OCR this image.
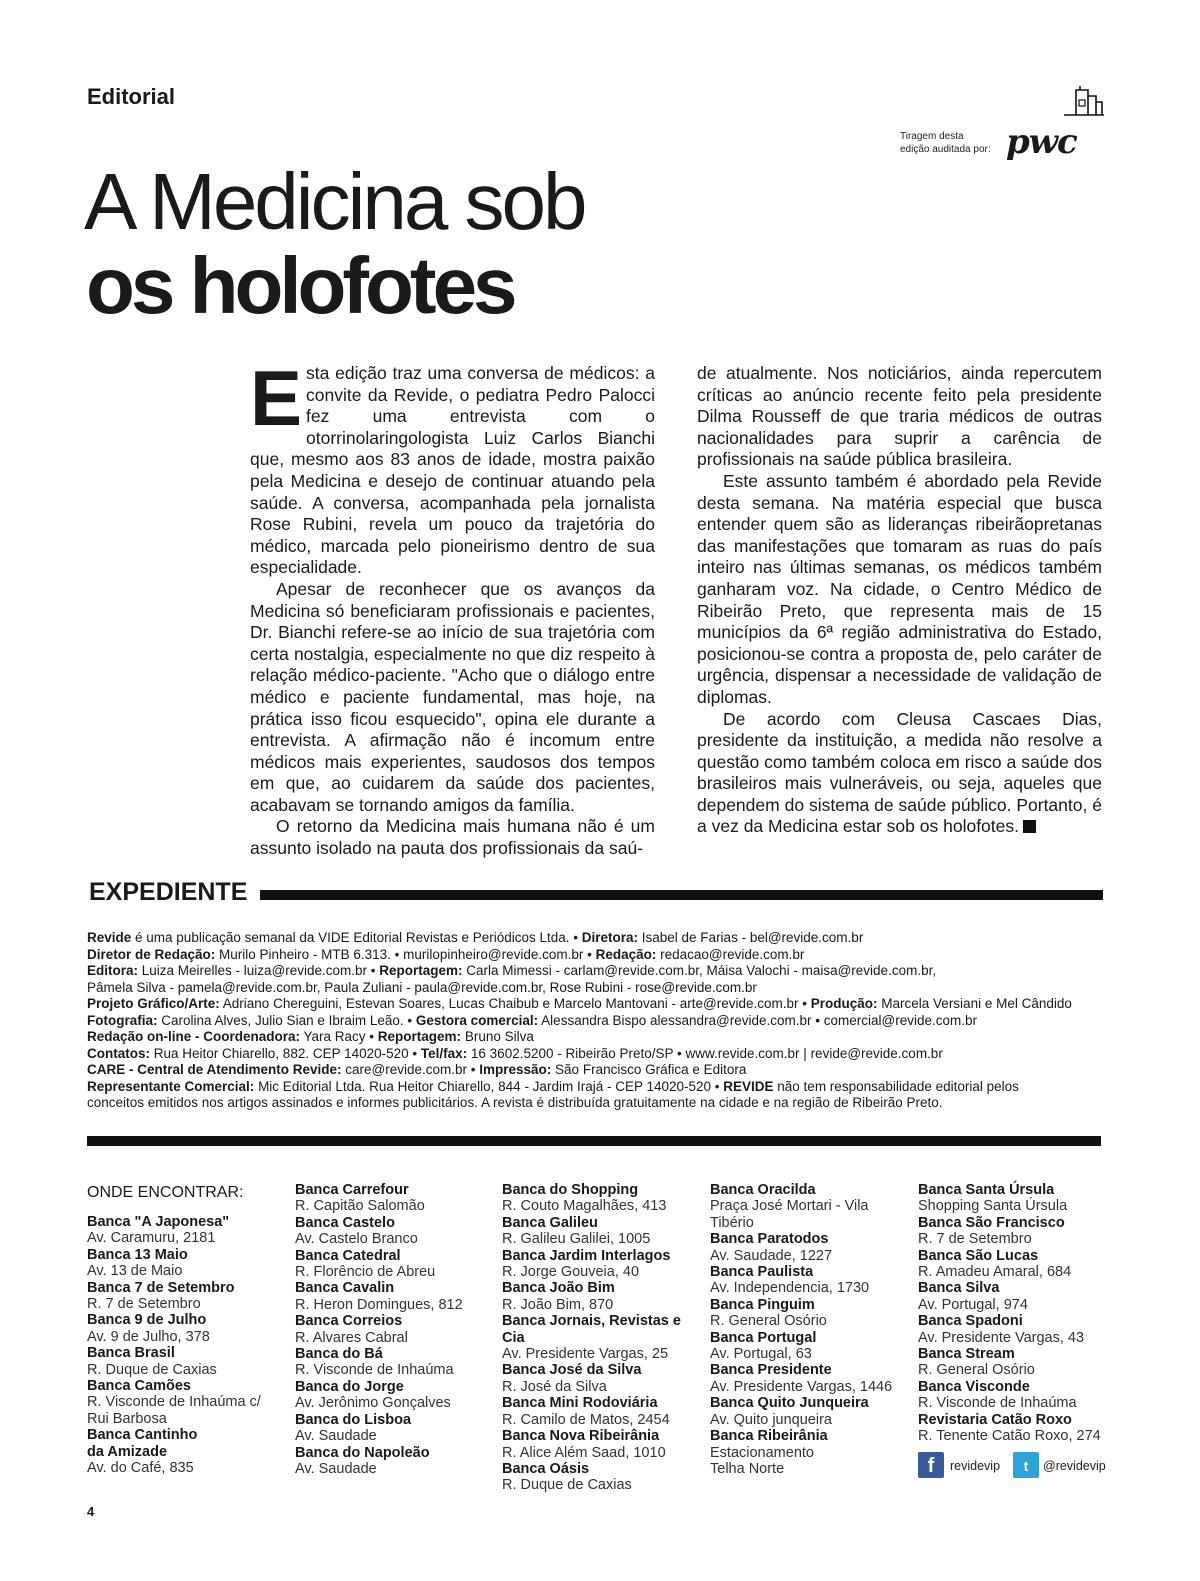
Editorial
Tiragem desta
edição auditada por: pwc
A Medicina sob
os holofotes

Esta edição traz uma conversa de médicos: a convite da Revide, o pediatra Pedro Palocci fez uma entrevista com o otorrinolaringologista Luiz Carlos Bianchi que, mesmo aos 83 anos de idade, mostra paixão pela Medicina e desejo de continuar atuando pela saúde. A conversa, acompanhada pela jornalista Rose Rubini, revela um pouco da trajetória do médico, marcada pelo pioneirismo dentro de sua especialidade.

Apesar de reconhecer que os avanços da Medicina só beneficiaram profissionais e pacientes, Dr. Bianchi refere-se ao início de sua trajetória com certa nostalgia, especialmente no que diz respeito à relação médico-paciente. "Acho que o diálogo entre médico e paciente fundamental, mas hoje, na prática isso ficou esquecido", opina ele durante a entrevista. A afirmação não é incomum entre médicos mais experientes, saudosos dos tempos em que, ao cuidarem da saúde dos pacientes, acabavam se tornando amigos da família.

O retorno da Medicina mais humana não é um assunto isolado na pauta dos profissionais da saú-

de atualmente. Nos noticiários, ainda repercutem críticas ao anúncio recente feito pela presidente Dilma Rousseff de que traria médicos de outras nacionalidades para suprir a carência de profissionais na saúde pública brasileira.

Este assunto também é abordado pela Revide desta semana. Na matéria especial que busca entender quem são as lideranças ribeirãopretanas das manifestações que tomaram as ruas do país inteiro nas últimas semanas, os médicos também ganharam voz. Na cidade, o Centro Médico de Ribeirão Preto, que representa mais de 15 municípios da 6ª região administrativa do Estado, posicionou-se contra a proposta de, pelo caráter de urgência, dispensar a necessidade de validação de diplomas.

De acordo com Cleusa Cascaes Dias, presidente da instituição, a medida não resolve a questão como também coloca em risco a saúde dos brasileiros mais vulneráveis, ou seja, aqueles que dependem do sistema de saúde público. Portanto, é a vez da Medicina estar sob os holofotes.

EXPEDIENTE
Revide é uma publicação semanal da VIDE Editorial Revistas e Periódicos Ltda. • Diretora: Isabel de Farias - bel@revide.com.br
Diretor de Redação: Murilo Pinheiro - MTB 6.313. • murilopinheiro@revide.com.br • Redação: redacao@revide.com.br
Editora: Luiza Meirelles - luiza@revide.com.br • Reportagem: Carla Mimessi - carlam@revide.com.br, Máisa Valochi - maisa@revide.com.br,
Pâmela Silva - pamela@revide.com.br, Paula Zuliani - paula@revide.com.br, Rose Rubini - rose@revide.com.br
Projeto Gráfico/Arte: Adriano Chereguini, Estevan Soares, Lucas Chaibub e Marcelo Mantovani - arte@revide.com.br • Produção: Marcela Versiani e Mel Cândido
Fotografia: Carolina Alves, Julio Sian e Ibraim Leão. • Gestora comercial: Alessandra Bispo alessandra@revide.com.br • comercial@revide.com.br
Redação on-line - Coordenadora: Yara Racy • Reportagem: Bruno Silva
Contatos: Rua Heitor Chiarello, 882. CEP 14020-520 • Tel/fax: 16 3602.5200 - Ribeirão Preto/SP • www.revide.com.br | revide@revide.com.br
CARE - Central de Atendimento Revide: care@revide.com.br • Impressão: São Francisco Gráfica e Editora
Representante Comercial: Mic Editorial Ltda. Rua Heitor Chiarello, 844 - Jardim Irajá - CEP 14020-520 • REVIDE não tem responsabilidade editorial pelos
conceitos emitidos nos artigos assinados e informes publicitários. A revista é distribuída gratuitamente na cidade e na região de Ribeirão Preto.
ONDE ENCONTRAR:
Banca "A Japonesa"
Av. Caramuru, 2181
Banca 13 Maio
Av. 13 de Maio
Banca 7 de Setembro
R. 7 de Setembro
Banca 9 de Julho
Av. 9 de Julho, 378
Banca Brasil
R. Duque de Caxias
Banca Camões
R. Visconde de Inhaúma c/
Rui Barbosa
Banca Cantinho
da Amizade
Av. do Café, 835
Banca Carrefour
R. Capitão Salomão
Banca Castelo
Av. Castelo Branco
Banca Catedral
R. Florêncio de Abreu
Banca Cavalin
R. Heron Domingues, 812
Banca Correios
R. Alvares Cabral
Banca do Bá
R. Visconde de Inhaúma
Banca do Jorge
Av. Jerônimo Gonçalves
Banca do Lisboa
Av. Saudade
Banca do Napoleão
Av. Saudade
Banca do Shopping
R. Couto Magalhães, 413
Banca Galileu
R. Galileu Galilei, 1005
Banca Jardim Interlagos
R. Jorge Gouveia, 40
Banca João Bim
R. João Bim, 870
Banca Jornais, Revistas e Cia
Av. Presidente Vargas, 25
Banca José da Silva
R. José da Silva
Banca Mini Rodoviária
R. Camilo de Matos, 2454
Banca Nova Ribeirânia
R. Alice Além Saad, 1010
Banca Oásis
R. Duque de Caxias
Banca Oracilda
Praça José Mortari - Vila
Tibério
Banca Paratodos
Av. Saudade, 1227
Banca Paulista
Av. Independencia, 1730
Banca Pinguim
R. General Osório
Banca Portugal
Av. Portugal, 63
Banca Presidente
Av. Presidente Vargas, 1446
Banca Quito Junqueira
Av. Quito junqueira
Banca Ribeirânia
Estacionamento
Telha Norte
Banca Santa Úrsula
Shopping Santa Úrsula
Banca São Francisco
R. 7 de Setembro
Banca São Lucas
R. Amadeu Amaral, 684
Banca Silva
Av. Portugal, 974
Banca Spadoni
Av. Presidente Vargas, 43
Banca Stream
R. General Osório
Banca Visconde
R. Visconde de Inhaúma
Revistaria Catão Roxo
R. Tenente Catão Roxo, 274
f	revidevip	t	@revidevip
4
